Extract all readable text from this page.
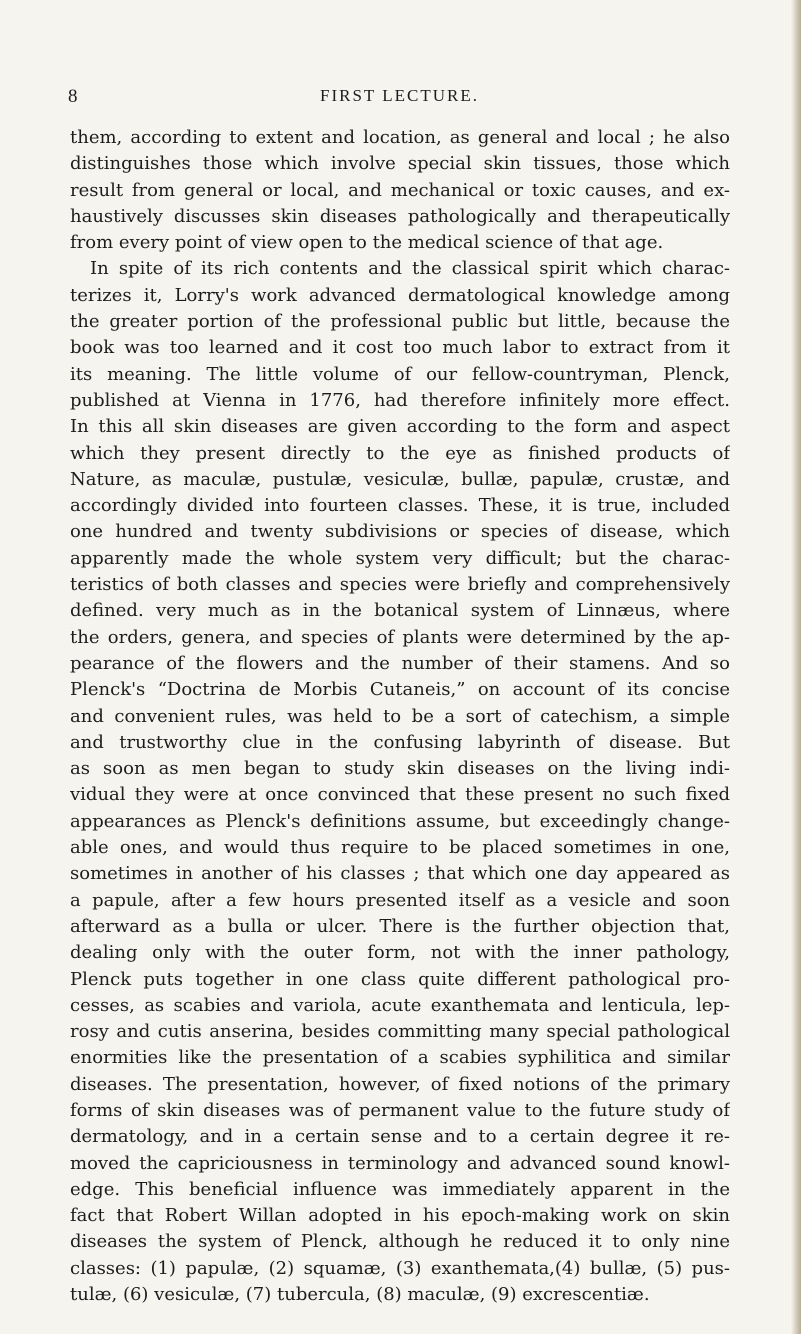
8	FIRST LECTURE.
them, according to extent and location, as general and local ; he also
distinguishes those which involve special skin tissues, those which
result from general or local, and mechanical or toxic causes, and ex-
haustively discusses skin diseases pathologically and therapeutically
from every point of view open to the medical science of that age.
In spite of its rich contents and the classical spirit which charac-
terizes it, Lorry's work advanced dermatological knowledge among
the greater portion of the professional public but little, because the
book was too learned and it cost too much labor to extract from it
its meaning. The little volume of our fellow-countryman, Plenck,
published at Vienna in 1776, had therefore infinitely more effect.
In this all skin diseases are given according to the form and aspect
which they present directly to the eye as finished products of
Nature, as maculæ, pustulæ, vesiculæ, bullæ, papulæ, crustæ, and
accordingly divided into fourteen classes. These, it is true, included
one hundred and twenty subdivisions or species of disease, which
apparently made the whole system very difficult; but the charac-
teristics of both classes and species were briefly and comprehensively
defined. very much as in the botanical system of Linnæus, where
the orders, genera, and species of plants were determined by the ap-
pearance of the flowers and the number of their stamens. And so
Plenck's “Doctrina de Morbis Cutaneis,” on account of its concise
and convenient rules, was held to be a sort of catechism, a simple
and trustworthy clue in the confusing labyrinth of disease. But
as soon as men began to study skin diseases on the living indi-
vidual they were at once convinced that these present no such fixed
appearances as Plenck's definitions assume, but exceedingly change-
able ones, and would thus require to be placed sometimes in one,
sometimes in another of his classes ; that which one day appeared as
a papule, after a few hours presented itself as a vesicle and soon
afterward as a bulla or ulcer. There is the further objection that,
dealing only with the outer form, not with the inner pathology,
Plenck puts together in one class quite different pathological pro-
cesses, as scabies and variola, acute exanthemata and lenticula, lep-
rosy and cutis anserina, besides committing many special pathological
enormities like the presentation of a scabies syphilitica and similar
diseases. The presentation, however, of fixed notions of the primary
forms of skin diseases was of permanent value to the future study of
dermatology, and in a certain sense and to a certain degree it re-
moved the capriciousness in terminology and advanced sound knowl-
edge. This beneficial influence was immediately apparent in the
fact that Robert Willan adopted in his epoch-making work on skin
diseases the system of Plenck, although he reduced it to only nine
classes: (1) papulæ, (2) squamæ, (3) exanthemata,(4) bullæ, (5) pus-
tulæ, (6) vesiculæ, (7) tubercula, (8) maculæ, (9) excrescentiæ.
